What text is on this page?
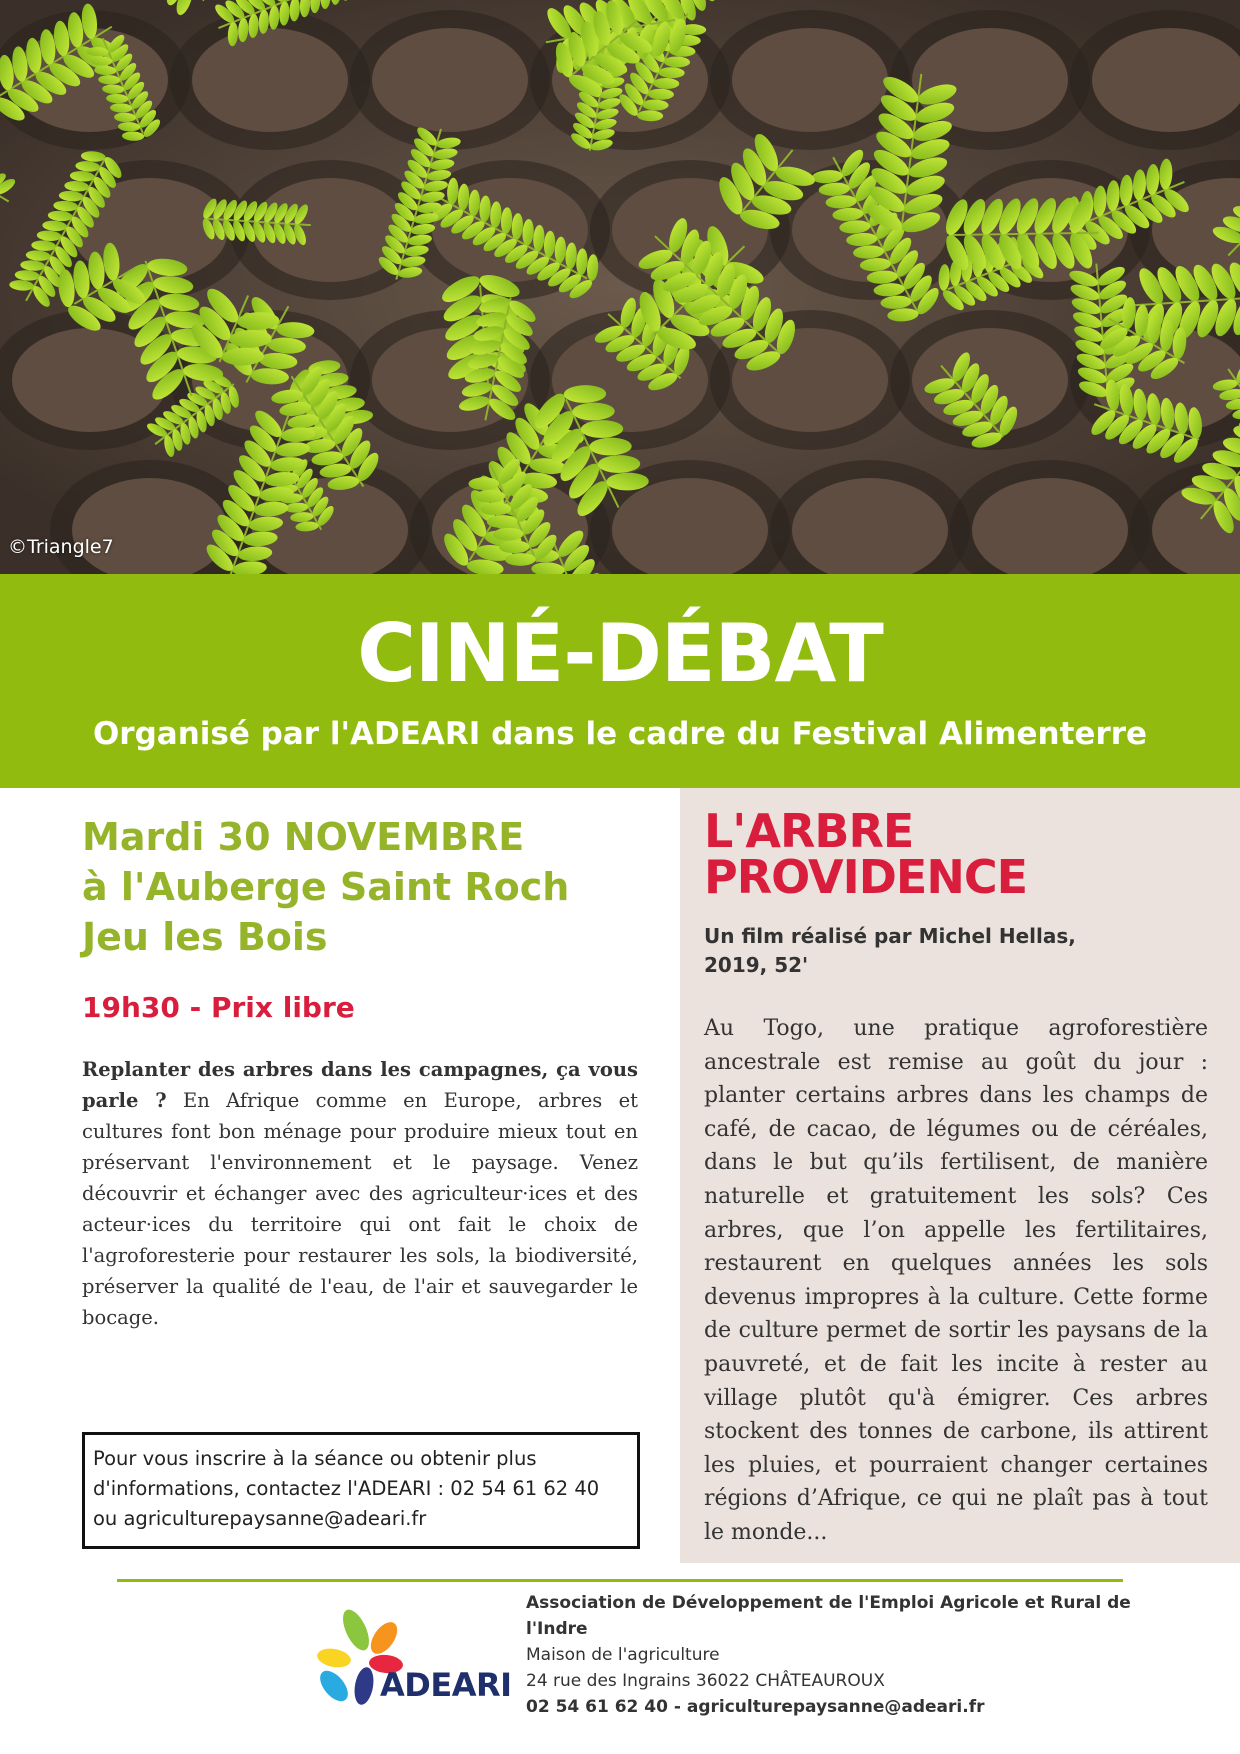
©Triangle7
CINÉ-DÉBAT
Organisé par l'ADEARI dans le cadre du Festival Alimenterre

Mardi 30 NOVEMBRE

à l'Auberge Saint Roch

Jeu les Bois

19h30 - Prix libre
Replanter des arbres dans les campagnes, ça vous parle ? En Afrique comme en Europe, arbres et cultures font bon ménage pour produire mieux tout en préservant l'environnement et le paysage. Venez découvrir et échanger avec des agriculteur·ices et des acteur·ices du territoire qui ont fait le choix de l'agroforesterie pour restaurer les sols, la biodiversité, préserver la qualité de l'eau, de l'air et sauvegarder le bocage.
Pour vous inscrire à la séance ou obtenir plus
d'informations, contactez l'ADEARI : 02 54 61 62 40
ou agriculturepaysanne@adeari.fr
L'ARBRE
PROVIDENCE
Un film réalisé par Michel Hellas,
2019, 52'
Au Togo, une pratique agroforestière ancestrale est remise au goût du jour : planter certains arbres dans les champs de café, de cacao, de légumes ou de céréales, dans le but qu’ils fertilisent, de manière naturelle et gratuitement les sols? Ces arbres, que l’on appelle les fertilitaires, restaurent en quelques années les sols devenus impropres à la culture. Cette forme de culture permet de sortir les paysans de la pauvreté, et de fait les incite à rester au village plutôt qu'à émigrer. Ces arbres stockent des tonnes de carbone, ils attirent les pluies, et pourraient changer certaines régions d’Afrique, ce qui ne plaît pas à tout le monde...
ADEARI
Association de Développement de l'Emploi Agricole et Rural de l'Indre
Maison de l'agriculture
24 rue des Ingrains 36022 CHÂTEAUROUX
02 54 61 62 40 - agriculturepaysanne@adeari.fr
